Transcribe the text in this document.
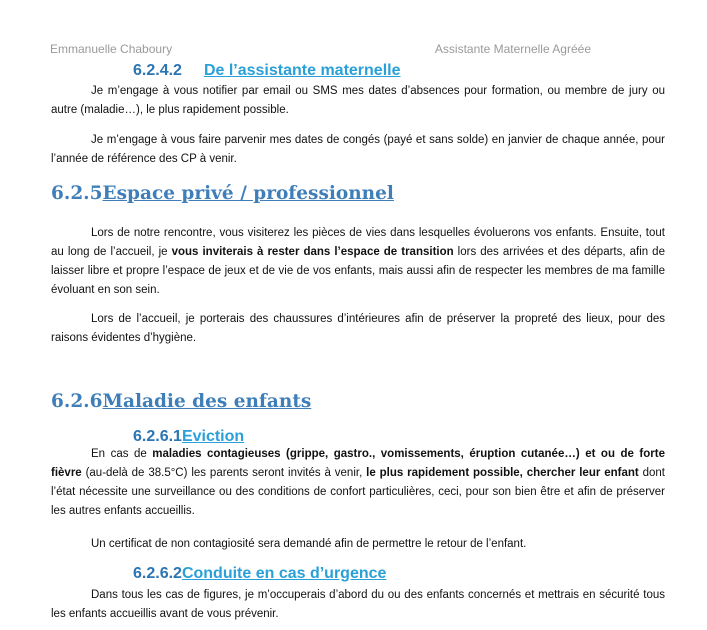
Emmanuelle Chaboury	Assistante Maternelle Agréée
6.2.4.2 De l’assistante maternelle

Je m’engage à vous notifier par email ou SMS mes dates d’absences pour formation, ou membre de jury ou autre (maladie…), le plus rapidement possible.

Je m’engage à vous faire parvenir mes dates de congés (payé et sans solde) en janvier de chaque année, pour l’année de référence des CP à venir.

6.2.5Espace privé / professionnel

Lors de notre rencontre, vous visiterez les pièces de vies dans lesquelles évoluerons vos enfants. Ensuite, tout au long de l’accueil, je vous inviterais à rester dans l’espace de transition lors des arrivées et des départs, afin de laisser libre et propre l’espace de jeux et de vie de vos enfants, mais aussi afin de respecter les membres de ma famille évoluant en son sein.

Lors de l’accueil, je porterais des chaussures d’intérieures afin de préserver la propreté des lieux, pour des raisons évidentes d’hygiène.

6.2.6Maladie des enfants
6.2.6.1Eviction

En cas de maladies contagieuses (grippe, gastro., vomissements, éruption cutanée…) et ou de forte fièvre (au-delà de 38.5°C) les parents seront invités à venir, le plus rapidement possible, chercher leur enfant dont l’état nécessite une surveillance ou des conditions de confort particulières, ceci, pour son bien être et afin de préserver les autres enfants accueillis.

Un certificat de non contagiosité sera demandé afin de permettre le retour de l’enfant.

6.2.6.2Conduite en cas d’urgence

Dans tous les cas de figures, je m’occuperais d’abord du ou des enfants concernés et mettrais en sécurité tous les enfants accueillis avant de vous prévenir.
